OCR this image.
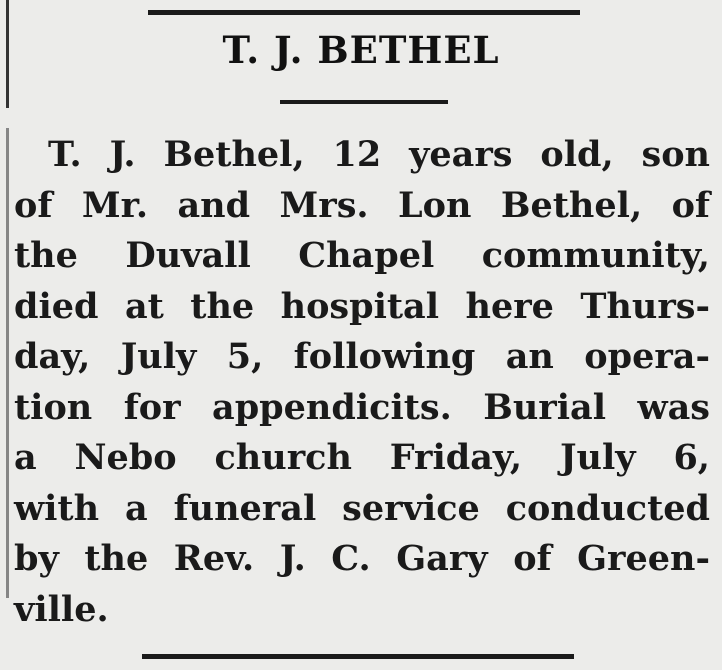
T. J. BETHEL
T. J. Bethel, 12 years old, son
of Mr. and Mrs. Lon Bethel, of
the Duvall Chapel community,
died at the hospital here Thurs-
day, July 5, following an opera-
tion for appendicits. Burial was
a Nebo church Friday, July 6,
with a funeral service conducted
by the Rev. J. C. Gary of Green-
ville.
